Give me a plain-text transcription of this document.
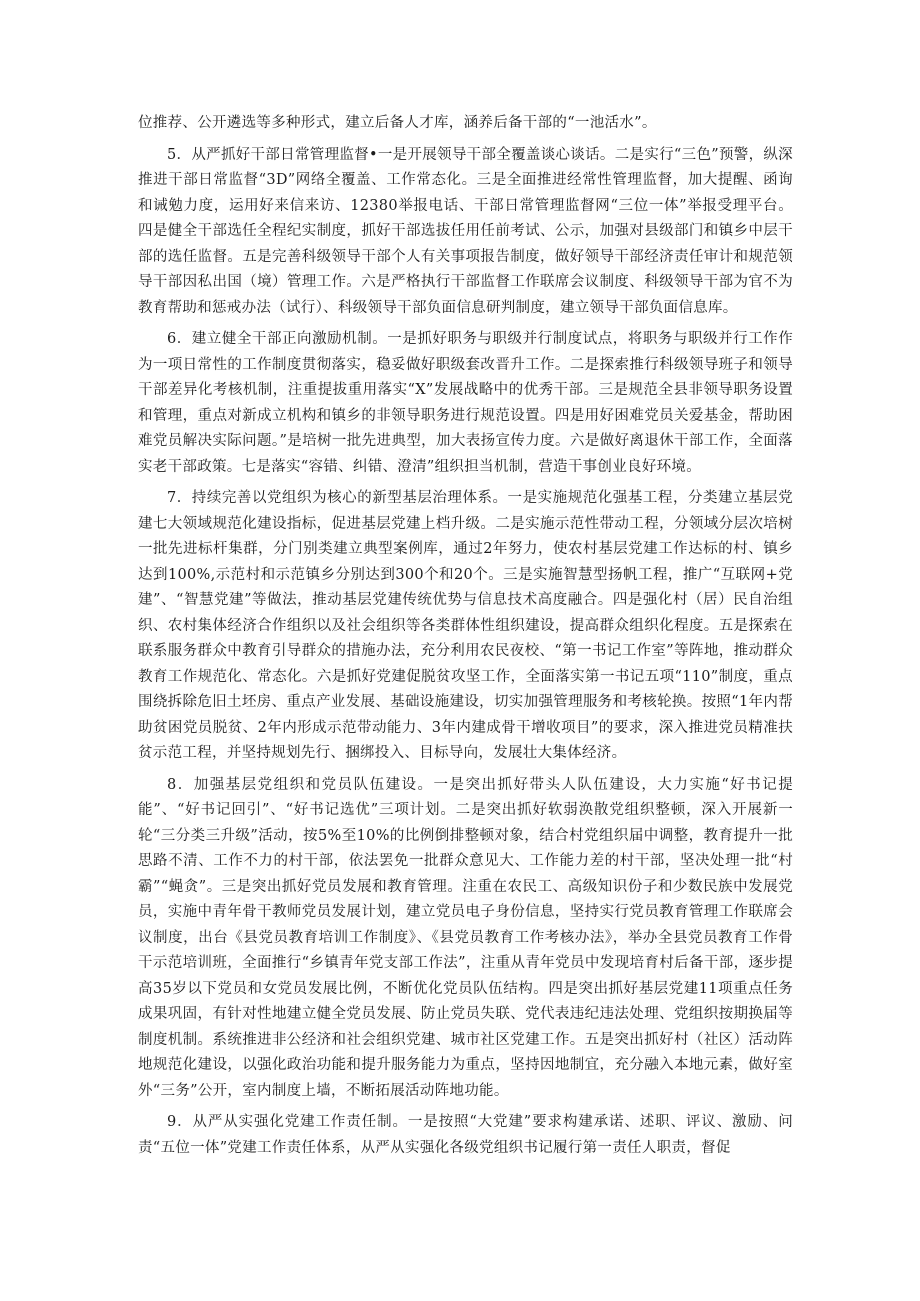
位推荐、公开遴选等多种形式，建立后备人才库，涵养后备干部的“一池活水”。

5．从严抓好干部日常管理监督•一是开展领导干部全覆盖谈心谈话。二是实行“三色”预警，纵深推进干部日常监督“3D”网络全覆盖、工作常态化。三是全面推进经常性管理监督，加大提醒、函询和诫勉力度，运用好来信来访、12380举报电话、干部日常管理监督网“三位一体”举报受理平台。四是健全干部选任全程纪实制度，抓好干部选拔任用任前考试、公示，加强对县级部门和镇乡中层干部的选任监督。五是完善科级领导干部个人有关事项报告制度，做好领导干部经济责任审计和规范领导干部因私出国（境）管理工作。六是严格执行干部监督工作联席会议制度、科级领导干部为官不为教育帮助和惩戒办法（试行）、科级领导干部负面信息研判制度，建立领导干部负面信息库。

6．建立健全干部正向激励机制。一是抓好职务与职级并行制度试点，将职务与职级并行工作作为一项日常性的工作制度贯彻落实，稳妥做好职级套改晋升工作。二是探索推行科级领导班子和领导干部差异化考核机制，注重提拔重用落实“X”发展战略中的优秀干部。三是规范全县非领导职务设置和管理，重点对新成立机构和镇乡的非领导职务进行规范设置。四是用好困难党员关爱基金，帮助困难党员解决实际问题。”是培树一批先进典型，加大表扬宣传力度。六是做好离退休干部工作，全面落实老干部政策。七是落实“容错、纠错、澄清”组织担当机制，营造干事创业良好环境。

7．持续完善以党组织为核心的新型基层治理体系。一是实施规范化强基工程，分类建立基层党建七大领域规范化建设指标，促进基层党建上档升级。二是实施示范性带动工程，分领域分层次培树一批先进标杆集群，分门别类建立典型案例库，通过2年努力，使农村基层党建工作达标的村、镇乡达到100%,示范村和示范镇乡分别达到300个和20个。三是实施智慧型扬帆工程，推广“互联网+党建”、“智慧党建”等做法，推动基层党建传统优势与信息技术高度融合。四是强化村（居）民自治组织、农村集体经济合作组织以及社会组织等各类群体性组织建设，提高群众组织化程度。五是探索在联系服务群众中教育引导群众的措施办法，充分利用农民夜校、“第一书记工作室”等阵地，推动群众教育工作规范化、常态化。六是抓好党建促脱贫攻坚工作，全面落实第一书记五项“110”制度，重点围绕拆除危旧土坯房、重点产业发展、基础设施建设，切实加强管理服务和考核轮换。按照“1年内帮助贫困党员脱贫、2年内形成示范带动能力、3年内建成骨干增收项目”的要求，深入推进党员精准扶贫示范工程，并坚持规划先行、捆绑投入、目标导向，发展壮大集体经济。

8．加强基层党组织和党员队伍建设。一是突出抓好带头人队伍建设，大力实施“好书记提能”、“好书记回引”、“好书记选优”三项计划。二是突出抓好软弱涣散党组织整顿，深入开展新一轮“三分类三升级”活动，按5%至10%的比例倒排整顿对象，结合村党组织届中调整，教育提升一批思路不清、工作不力的村干部，依法罢免一批群众意见大、工作能力差的村干部，坚决处理一批“村霸”“蝇贪”。三是突出抓好党员发展和教育管理。注重在农民工、高级知识份子和少数民族中发展党员，实施中青年骨干教师党员发展计划，建立党员电子身份信息，坚持实行党员教育管理工作联席会议制度，出台《县党员教育培训工作制度》、《县党员教育工作考核办法》，举办全县党员教育工作骨干示范培训班，全面推行“乡镇青年党支部工作法”，注重从青年党员中发现培育村后备干部，逐步提高35岁以下党员和女党员发展比例，不断优化党员队伍结构。四是突出抓好基层党建11项重点任务成果巩固，有针对性地建立健全党员发展、防止党员失联、党代表违纪违法处理、党组织按期换届等制度机制。系统推进非公经济和社会组织党建、城市社区党建工作。五是突出抓好村（社区）活动阵地规范化建设，以强化政治功能和提升服务能力为重点，坚持因地制宜，充分融入本地元素，做好室外“三务”公开，室内制度上墙，不断拓展活动阵地功能。

9．从严从实强化党建工作责任制。一是按照“大党建”要求构建承诺、述职、评议、激励、问责“五位一体”党建工作责任体系，从严从实强化各级党组织书记履行第一责任人职责，督促
